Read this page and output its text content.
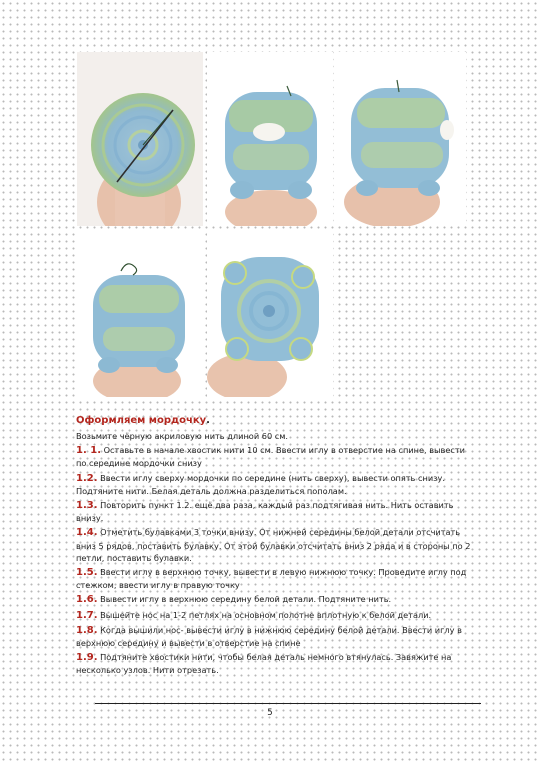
Оформляем мордочку.

Возьмите чёрную акриловую нить длиной 60 см.

1. 1. Оставьте в начале хвостик нити 10 см. Ввести иглу в отверстие на спине, вывести по середине мордочки снизу

1.2. Ввести иглу сверху мордочки по середине (нить сверху), вывести опять снизу. Подтяните нити. Белая деталь должна разделиться пополам.

1.3. Повторить пункт 1.2. ещё два раза, каждый раз подтягивая нить. Нить оставить внизу.

1.4. Отметить булавками 3 точки внизу. От нижней середины белой детали отсчитать вниз 5 рядов, поставить булавку. От этой булавки отсчитать вниз 2 ряда и в стороны по 2 петли, поставить булавки.

1.5. Ввести иглу в верхнюю точку, вывести в левую нижнюю точку. Проведите иглу под стежком, ввести иглу в правую точку

1.6. Вывести иглу в верхнюю середину белой детали. Подтяните нить.

1.7. Вышейте нос на 1-2 петлях на основном полотне вплотную к белой детали.

1.8. Когда вышили нос- вывести иглу в нижнюю середину белой детали. Ввести иглу в верхнюю середину и вывести в отверстие на спине

1.9. Подтяните хвостики нити, чтобы белая деталь немного втянулась. Завяжите на несколько узлов. Нити отрезать.

5
